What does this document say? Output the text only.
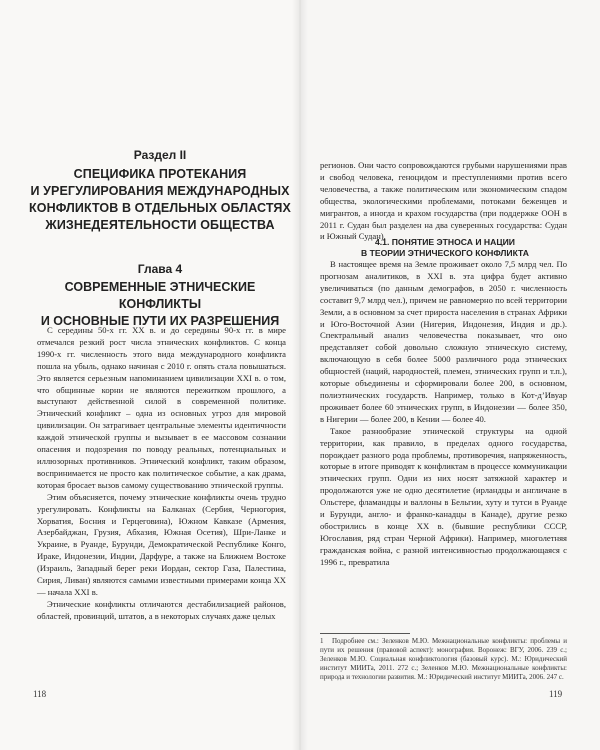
Раздел II
СПЕЦИФИКА ПРОТЕКАНИЯ
И УРЕГУЛИРОВАНИЯ МЕЖДУНАРОДНЫХ
КОНФЛИКТОВ В ОТДЕЛЬНЫХ ОБЛАСТЯХ
ЖИЗНЕДЕЯТЕЛЬНОСТИ ОБЩЕСТВА
Глава 4
СОВРЕМЕННЫЕ ЭТНИЧЕСКИЕ КОНФЛИКТЫ
И ОСНОВНЫЕ ПУТИ ИХ РАЗРЕШЕНИЯ

С середины 50-х гг. XX в. и до середины 90-х гг. в мире отмечался резкий рост числа этнических конфликтов. С конца 1990-х гг. численность этого вида международного конфликта пошла на убыль, однако начиная с 2010 г. опять стала повышаться. Это является серьезным напоминанием цивилизации XXI в. о том, что общинные корни не являются пережитком прошлого, а выступают действенной силой в современной политике. Этнический конфликт – одна из основных угроз для мировой цивилизации. Он затрагивает центральные элементы идентичности каждой этнической группы и вызывает в ее массовом сознании опасения и подозрения по поводу реальных, потенциальных и иллюзорных противников. Этнический конфликт, таким образом, воспринимается не просто как политическое событие, а как драма, которая бросает вызов самому существованию этнической группы.

Этим объясняется, почему этнические конфликты очень трудно урегулировать. Конфликты на Балканах (Сербия, Черногория, Хорватия, Босния и Герцеговина), Южном Кавказе (Армения, Азербайджан, Грузия, Абхазия, Южная Осетия), Шри-Ланке и Украине, в Руанде, Бурунди, Демократической Республике Конго, Ираке, Индонезии, Индии, Дарфуре, а также на Ближнем Востоке (Израиль, Западный берег реки Иордан, сектор Газа, Палестина, Сирия, Ливан) являются самыми известными примерами конца XX — начала XXI в.

Этнические конфликты отличаются дестабилизацией районов, областей, провинций, штатов, а в некоторых случаях даже целых

118

регионов. Они часто сопровождаются грубыми нарушениями прав и свобод человека, геноцидом и преступлениями против всего человечества, а также политическим или экономическим спадом общества, экологическими проблемами, потоками беженцев и мигрантов, а иногда и крахом государства (при поддержке ООН в 2011 г. Судан был разделен на два суверенных государства: Судан и Южный Судан).

4.1. ПОНЯТИЕ ЭТНОСА И НАЦИИ
В ТЕОРИИ ЭТНИЧЕСКОГО КОНФЛИКТА

В настоящее время на Земле проживает около 7,5 млрд чел. По прогнозам аналитиков, в XXI в. эта цифра будет активно увеличиваться (по данным демографов, в 2050 г. численность составит 9,7 млрд чел.), причем не равномерно по всей территории Земли, а в основном за счет прироста населения в странах Африки и Юго-Восточной Азии (Нигерия, Индонезия, Индия и др.). Спектральный анализ человечества показывает, что оно представляет собой довольно сложную этническую систему, включающую в себя более 5000 различного рода этнических общностей (наций, народностей, племен, этнических групп и т.п.), которые объединены и сформировали более 200, в основном, полиэтнических государств. Например, только в Кот-д’Ивуар проживает более 60 этнических групп, в Индонезии — более 350, в Нигерии — более 200, в Кении — более 40.

Такое разнообразие этнической структуры на одной территории, как правило, в пределах одного государства, порождает разного рода проблемы, противоречия, напряженность, которые в итоге приводят к конфликтам в процессе коммуникации этнических групп. Одни из них носят затяжной характер и продолжаются уже не одно десятилетие (ирландцы и англичане в Ольстере, фламандцы и валлоны в Бельгии, хуту и тутси в Руанде и Бурунди, англо- и франко-канадцы в Канаде), другие резко обострились в конце XX в. (бывшие республики СССР, Югославия, ряд стран Черной Африки). Например, многолетняя гражданская война, с разной интенсивностью продолжающаяся с 1996 г., превратила

1 Подробнее см.: Зеленков М.Ю. Межнациональные конфликты: проблемы и пути их решения (правовой аспект): монография. Воронеж: ВГУ, 2006. 239 с.; Зеленков М.Ю. Социальная конфликтология (базовый курс). М.: Юридический институт МИИТа, 2011. 272 с.; Зеленков М.Ю. Межнациональные конфликты: природа и технологии развития. М.: Юридический институт МИИТа, 2006. 247 с.
119
